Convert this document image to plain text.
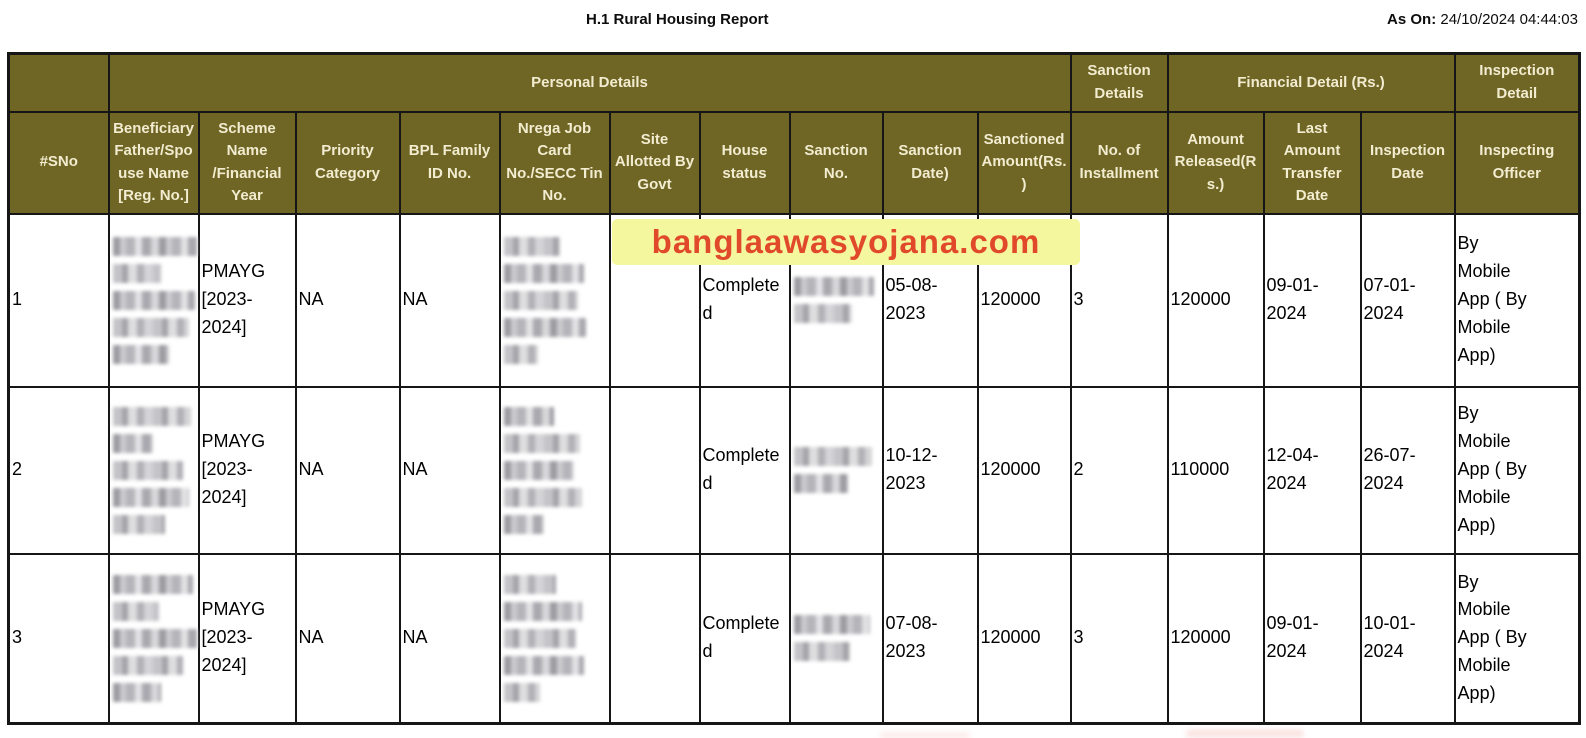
H.1 Rural Housing Report	As On: 24/10/2024 04:44:03
	Personal Details										Sanction Details	Financial Detail (Rs.)			Inspection Detail
#SNo	Beneficiary Father/Spouse Name [Reg. No.]	Scheme Name /Financial Year	Priority Category	BPL Family ID No.	Nrega Job Card No./SECC Tin No.	Site Allotted By Govt	House status	Sanction No.	Sanction Date)	Sanctioned Amount(Rs.)	No. of Installment	Amount Released(Rs.)	Last Amount Transfer Date	Inspection Date	Inspecting Officer
1		PMAYG [2023-2024]	NA	NA			Completed		05-08-2023	120000	3	120000	09-01-2024	07-01-2024	By Mobile App ( By Mobile App)
2		PMAYG [2023-2024]	NA	NA			Completed		10-12-2023	120000	2	110000	12-04-2024	26-07-2024	By Mobile App ( By Mobile App)
3		PMAYG [2023-2024]	NA	NA			Completed		07-08-2023	120000	3	120000	09-01-2024	10-01-2024	By Mobile App ( By Mobile App)
banglaawasyojana.com
